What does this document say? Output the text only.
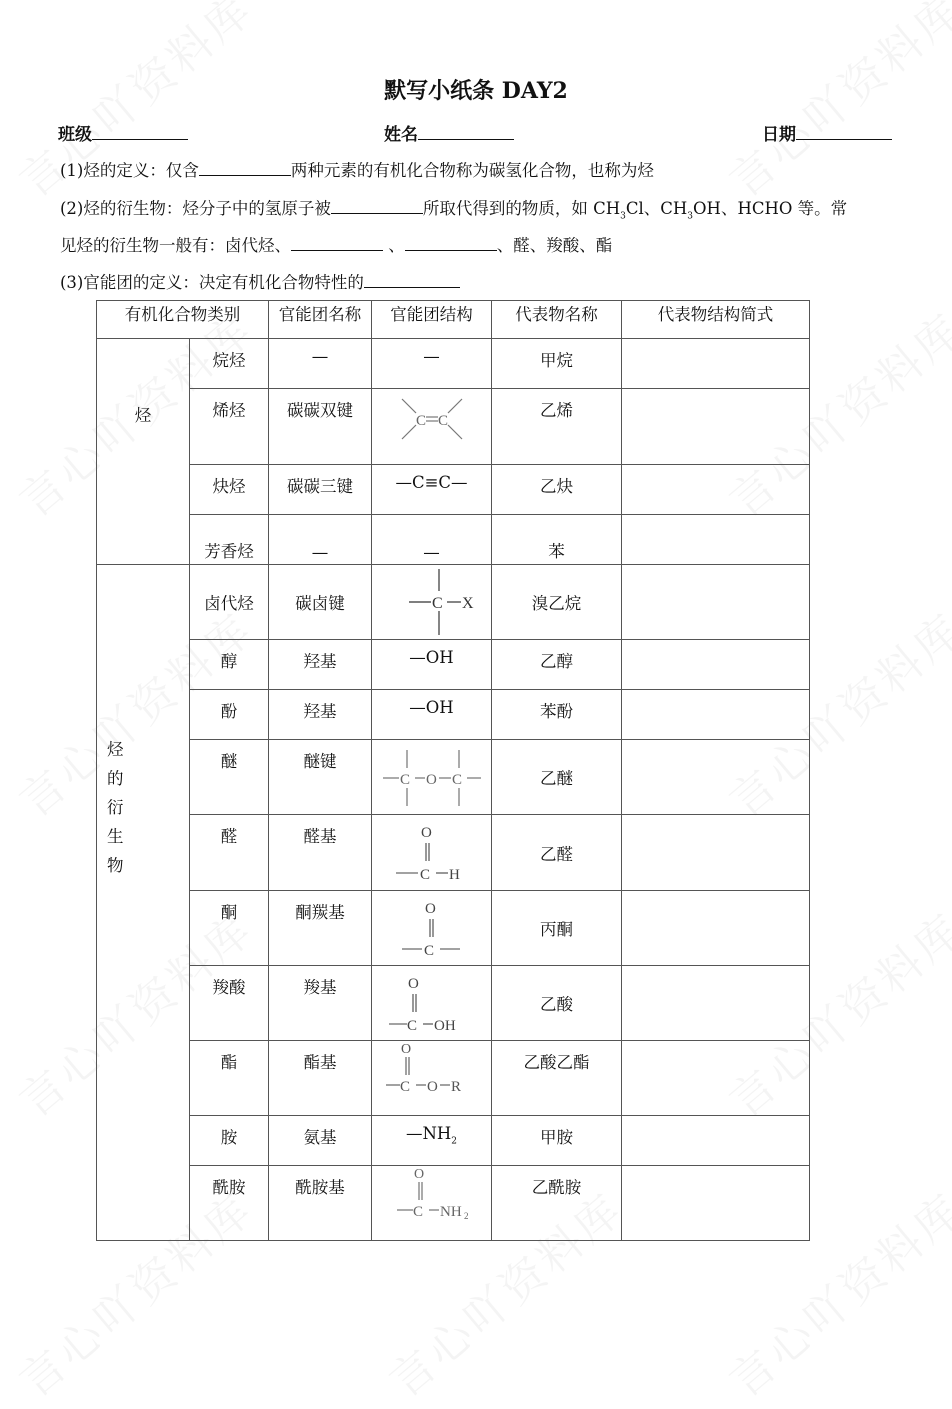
默写小纸条 DAY2
班级	姓名	日期
(1)烃的定义：仅含	两种元素的有机化合物称为碳氢化合物，也称为烃
(2)烃的衍生物：烃分子中的氢原子被	所取代得到的物质，如 $CH_3Cl$、$CH_3OH$、HCHO 等。常
见烃的衍生物一般有：卤代烃、	、	、醛、羧酸、酯
(3)官能团的定义：决定有机化合物特性的
有机化合物类别		官能团名称	官能团结构	代表物名称	代表物结构简式
烃	烷烃	—	—	甲烷	

	烯烃	碳碳双键	C C	乙烯	

	炔烃	碳碳三键	—C≡C—	乙炔	

	芳香烃	—	—	苯	

烃
的
衍
生
物
	卤代烃	碳卤键	C X	溴乙烷	

	醇	羟基	—OH	乙醇	

	酚	羟基	—OH	苯酚	

	醚	醚键	C O C	乙醚	

	醛	醛基	O
C H	乙醛	

	酮	酮羰基	O
C	丙酮	

	羧酸	羧基	O
C OH	乙酸	

	酯	酯基	O
C O R	乙酸乙酯	

	胺	氨基	$—NH_2$	甲胺	

	酰胺	酰胺基	O
C NH 2	乙酰胺	
